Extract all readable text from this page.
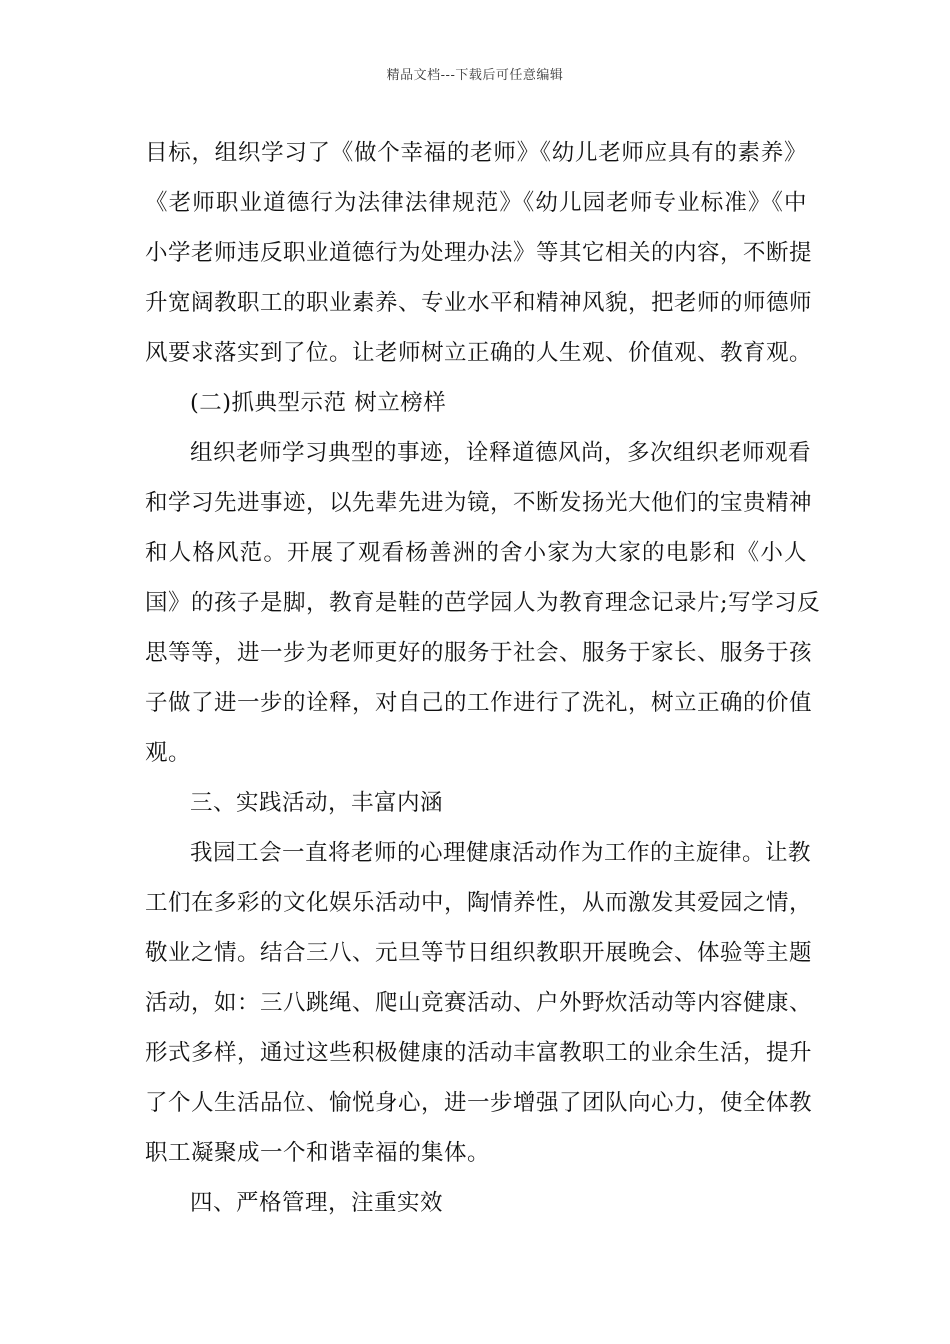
精品文档---下载后可任意编辑
目标，组织学习了《做个幸福的老师》《幼儿老师应具有的素养》
《老师职业道德行为法律法律规范》《幼儿园老师专业标准》《中
小学老师违反职业道德行为处理办法》等其它相关的内容，不断提
升宽阔教职工的职业素养、专业水平和精神风貌，把老师的师德师
风要求落实到了位。让老师树立正确的人生观、价值观、教育观。
(二)抓典型示范 树立榜样
组织老师学习典型的事迹，诠释道德风尚，多次组织老师观看
和学习先进事迹，以先辈先进为镜，不断发扬光大他们的宝贵精神
和人格风范。开展了观看杨善洲的舍小家为大家的电影和《小人
国》的孩子是脚，教育是鞋的芭学园人为教育理念记录片;写学习反
思等等，进一步为老师更好的服务于社会、服务于家长、服务于孩
子做了进一步的诠释，对自己的工作进行了洗礼，树立正确的价值
观。
三、实践活动，丰富内涵
我园工会一直将老师的心理健康活动作为工作的主旋律。让教
工们在多彩的文化娱乐活动中，陶情养性，从而激发其爱园之情，
敬业之情。结合三八、元旦等节日组织教职开展晚会、体验等主题
活动，如：三八跳绳、爬山竞赛活动、户外野炊活动等内容健康、
形式多样，通过这些积极健康的活动丰富教职工的业余生活，提升
了个人生活品位、愉悦身心，进一步增强了团队向心力，使全体教
职工凝聚成一个和谐幸福的集体。
四、严格管理，注重实效
